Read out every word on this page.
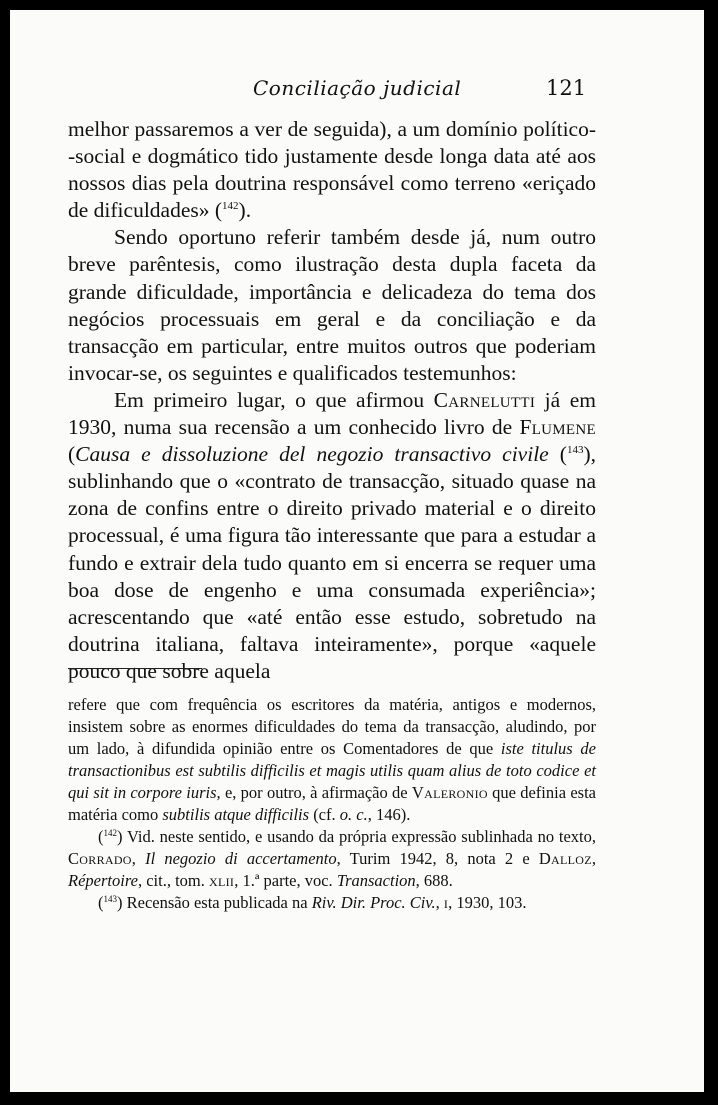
Conciliação judicial	121

melhor passaremos a ver de seguida), a um domínio político--social e dogmático tido justamente desde longa data até aos nossos dias pela doutrina responsável como terreno «eriçado de dificuldades» ($^{142}$).

Sendo oportuno referir também desde já, num outro breve parêntesis, como ilustração desta dupla faceta da grande dificuldade, importância e delicadeza do tema dos negócios processuais em geral e da conciliação e da transacção em particular, entre muitos outros que poderiam invocar-se, os seguintes e qualificados testemunhos:

Em primeiro lugar, o que afirmou Carnelutti já em 1930, numa sua recensão a um conhecido livro de Flumene (Causa e dissoluzione del negozio transactivo civile ($^{143}$), sublinhando que o «contrato de transacção, situado quase na zona de confins entre o direito privado material e o direito processual, é uma figura tão interessante que para a estudar a fundo e extrair dela tudo quanto em si encerra se requer uma boa dose de engenho e uma consumada experiência»; acrescentando que «até então esse estudo, sobretudo na doutrina italiana, faltava inteiramente», porque «aquele pouco que sobre aquela

refere que com frequência os escritores da matéria, antigos e modernos, insistem sobre as enormes dificuldades do tema da transacção, aludindo, por um lado, à difundida opinião entre os Comentadores de que iste titulus de transactionibus est subtilis difficilis et magis utilis quam alius de toto codice et qui sit in corpore iuris, e, por outro, à afirmação de Valeronio que definia esta matéria como subtilis atque difficilis (cf. o. c., 146).

($^{142}$) Vid. neste sentido, e usando da própria expressão sublinhada no texto, Corrado, Il negozio di accertamento, Turim 1942, 8, nota 2 e Dalloz, Répertoire, cit., tom. xlii, 1.ª parte, voc. Transaction, 688.

($^{143}$) Recensão esta publicada na Riv. Dir. Proc. Civ., i, 1930, 103.
